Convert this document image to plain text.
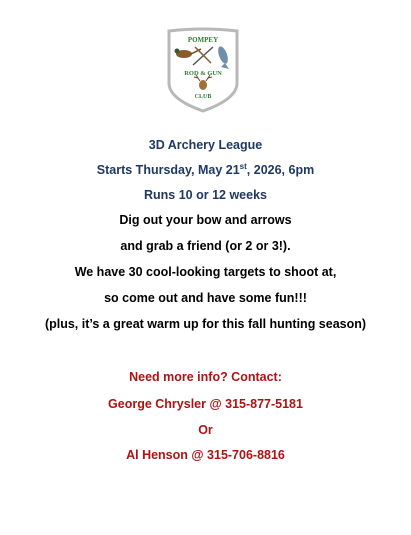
POMPEY
ROD & GUN
CLUB
3D Archery League
Starts Thursday, May 21st, 2026, 6pm
Runs 10 or 12 weeks
Dig out your bow and arrows
and grab a friend (or 2 or 3!).
We have 30 cool-looking targets to shoot at,
so come out and have some fun!!!
(plus, it’s a great warm up for this fall hunting season)
Need more info? Contact:
George Chrysler @ 315-877-5181
Or
Al Henson @ 315-706-8816
